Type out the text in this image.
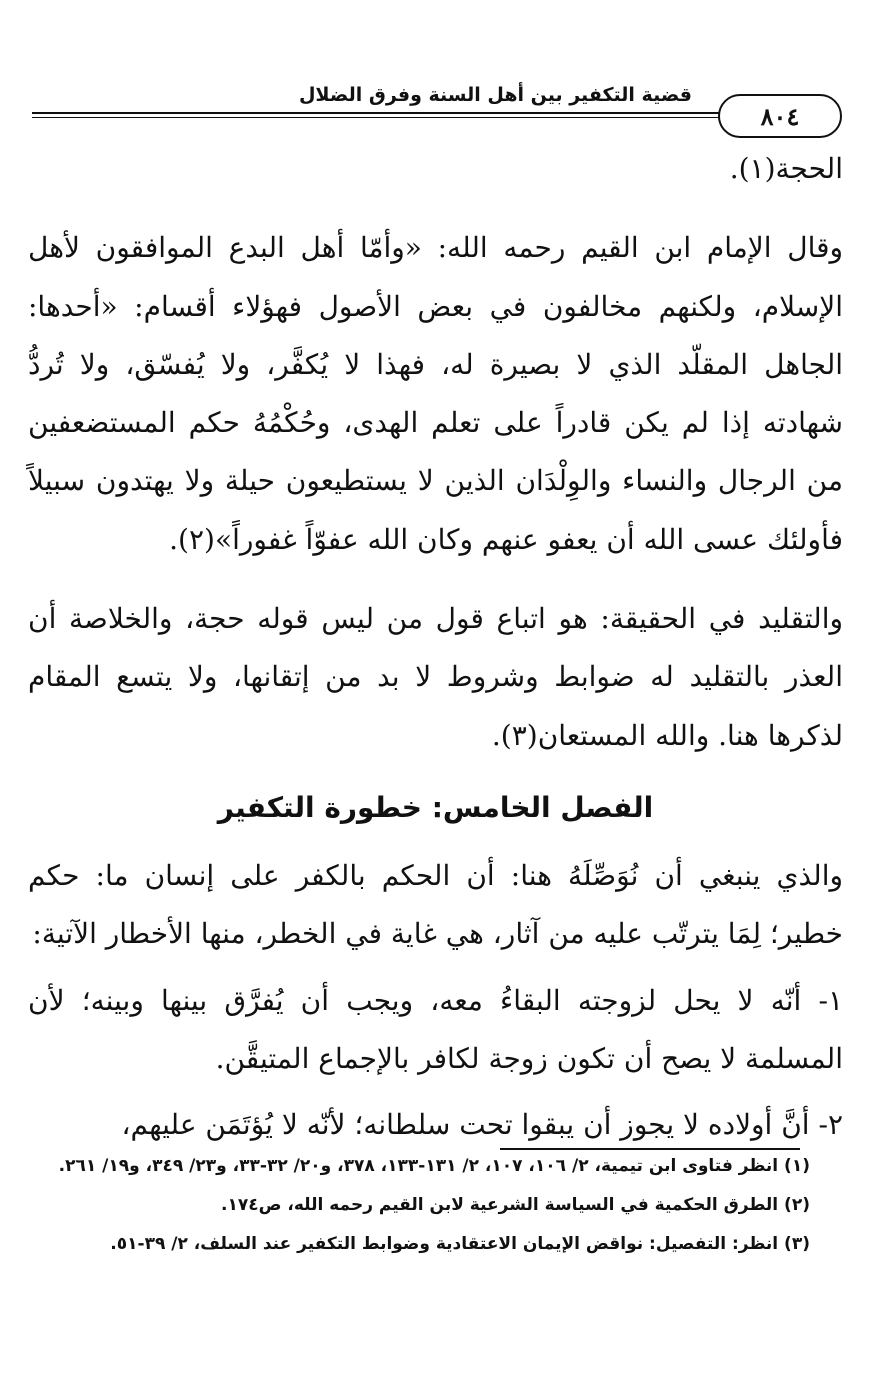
قضية التكفير بين أهل السنة وفرق الضلال
٨٠٤

الحجة(١).

وقال الإمام ابن القيم رحمه الله: «وأمّا أهل البدع الموافقون لأهل الإسلام، ولكنهم مخالفون في بعض الأصول فهؤلاء أقسام: «أحدها: الجاهل المقلّد الذي لا بصيرة له، فهذا لا يُكفَّر، ولا يُفسّق، ولا تُردُّ شهادته إذا لم يكن قادراً على تعلم الهدى، وحُكْمُهُ حكم المستضعفين من الرجال والنساء والوِلْدَان الذين لا يستطيعون حيلة ولا يهتدون سبيلاً فأولئك عسى الله أن يعفو عنهم وكان الله عفوّاً غفوراً»(٢).

والتقليد في الحقيقة: هو اتباع قول من ليس قوله حجة، والخلاصة أن العذر بالتقليد له ضوابط وشروط لا بد من إتقانها، ولا يتسع المقام لذكرها هنا. والله المستعان(٣).

الفصل الخامس: خطورة التكفير

والذي ينبغي أن نُوَصِّلَهُ هنا: أن الحكم بالكفر على إنسان ما: حكم خطير؛ لِمَا يترتّب عليه من آثار، هي غاية في الخطر، منها الأخطار الآتية:

١- أنّه لا يحل لزوجته البقاءُ معه، ويجب أن يُفرَّق بينها وبينه؛ لأن المسلمة لا يصح أن تكون زوجة لكافر بالإجماع المتيقَّن.

٢- أنَّ أولاده لا يجوز أن يبقوا تحت سلطانه؛ لأنّه لا يُؤتَمَن عليهم،

(١) انظر فتاوى ابن تيمية، ٢/ ١٠٦، ١٠٧، ٢/ ١٣١-١٣٣، ٣٧٨، و٢٠/ ٣٢-٣٣، و٢٣/ ٣٤٩، و١٩/ ٢٦١.

(٢) الطرق الحكمية في السياسة الشرعية لابن القيم رحمه الله، ص١٧٤.

(٣) انظر: التفصيل: نواقض الإيمان الاعتقادية وضوابط التكفير عند السلف، ٢/ ٣٩-٥١.
